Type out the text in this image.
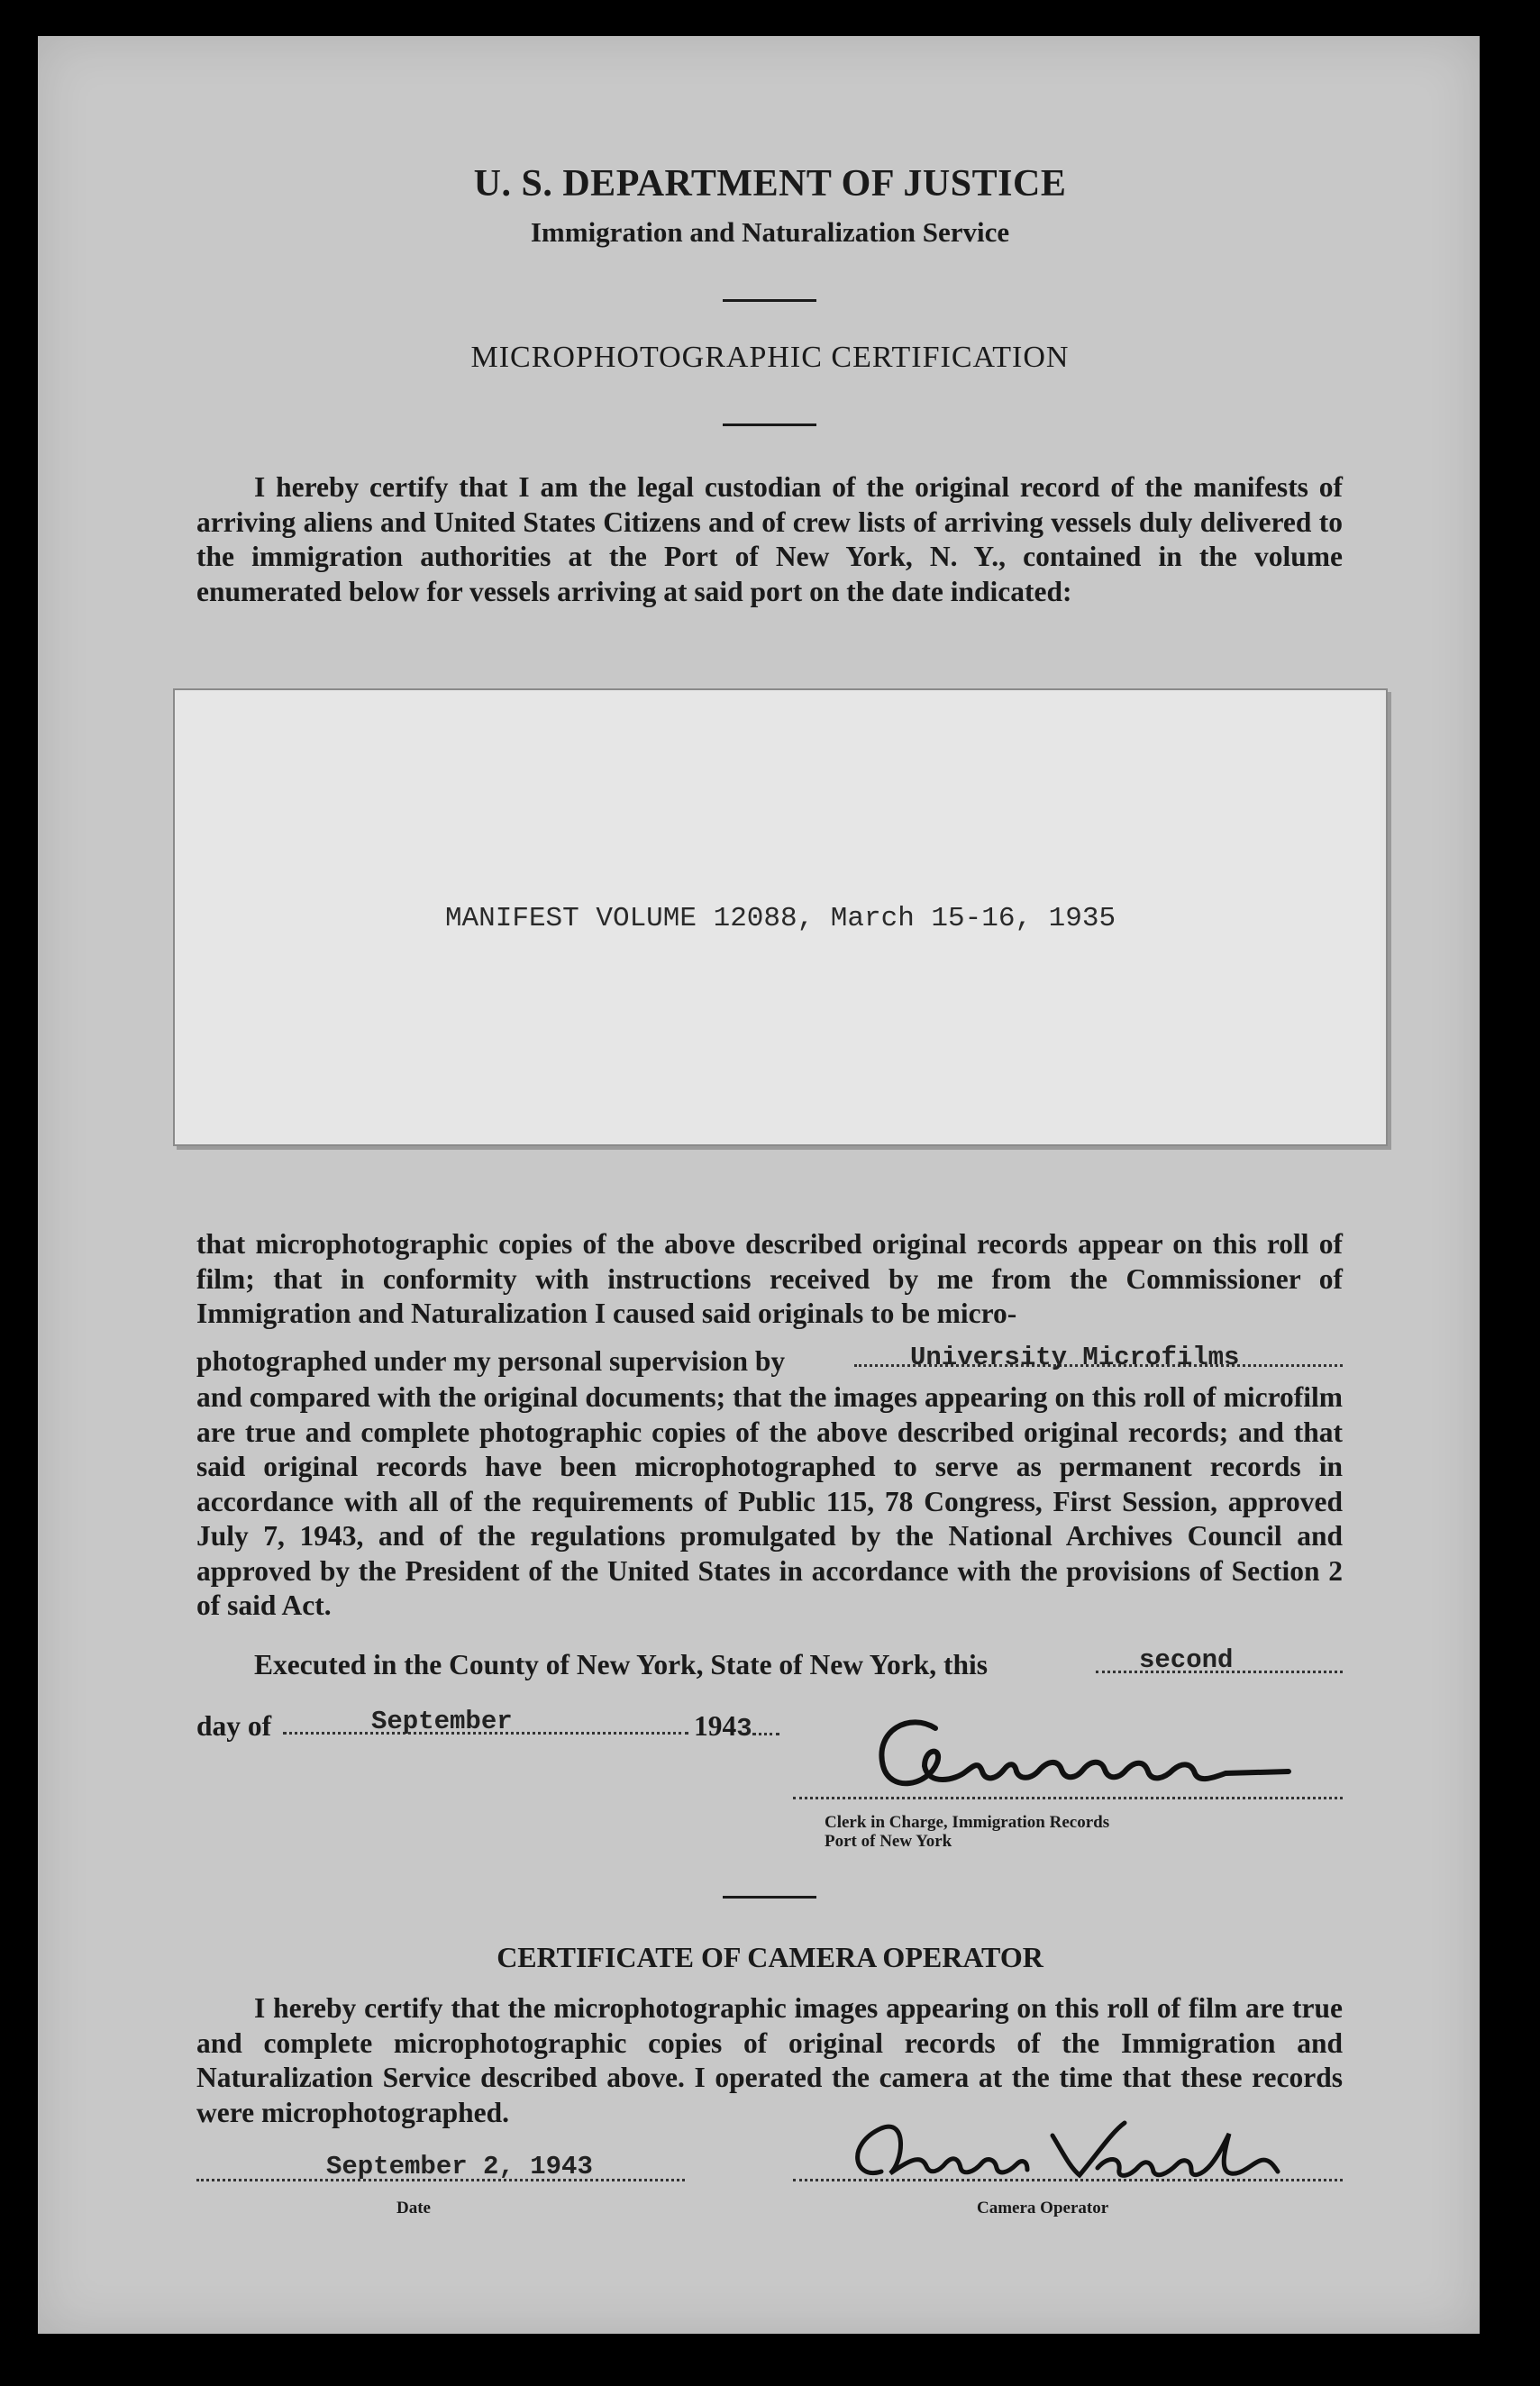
U. S. DEPARTMENT OF JUSTICE
Immigration and Naturalization Service
MICROPHOTOGRAPHIC CERTIFICATION

I hereby certify that I am the legal custodian of the original record of the manifests of arriving aliens and United States Citizens and of crew lists of arriving vessels duly delivered to the immigration authorities at the Port of New York, N. Y., contained in the volume enumerated below for vessels arriving at said port on the date indicated:

MANIFEST VOLUME 12088, March 15-16, 1935

that microphotographic copies of the above described original records appear on this roll of film; that in conformity with instructions received by me from the Commissioner of Immigration and Naturalization I caused said originals to be micro-

photographed under my personal supervision by	University Microfilms

and compared with the original documents; that the images appearing on this roll of microfilm are true and complete photographic copies of the above described original records; and that said original records have been microphotographed to serve as permanent records in accordance with all of the requirements of Public 115, 78 Congress, First Session, approved July 7, 1943, and of the regulations promulgated by the National Archives Council and approved by the President of the United States in accordance with the provisions of Section 2 of said Act.

Executed in the County of New York, State of New York, this	second
day of	September	1943
Clerk in Charge, Immigration Records
Port of New York
CERTIFICATE OF CAMERA OPERATOR

I hereby certify that the microphotographic images appearing on this roll of film are true and complete microphotographic copies of original records of the Immigration and Naturalization Service described above. I operated the camera at the time that these records were microphotographed.

September 2, 1943
Date	Camera Operator
